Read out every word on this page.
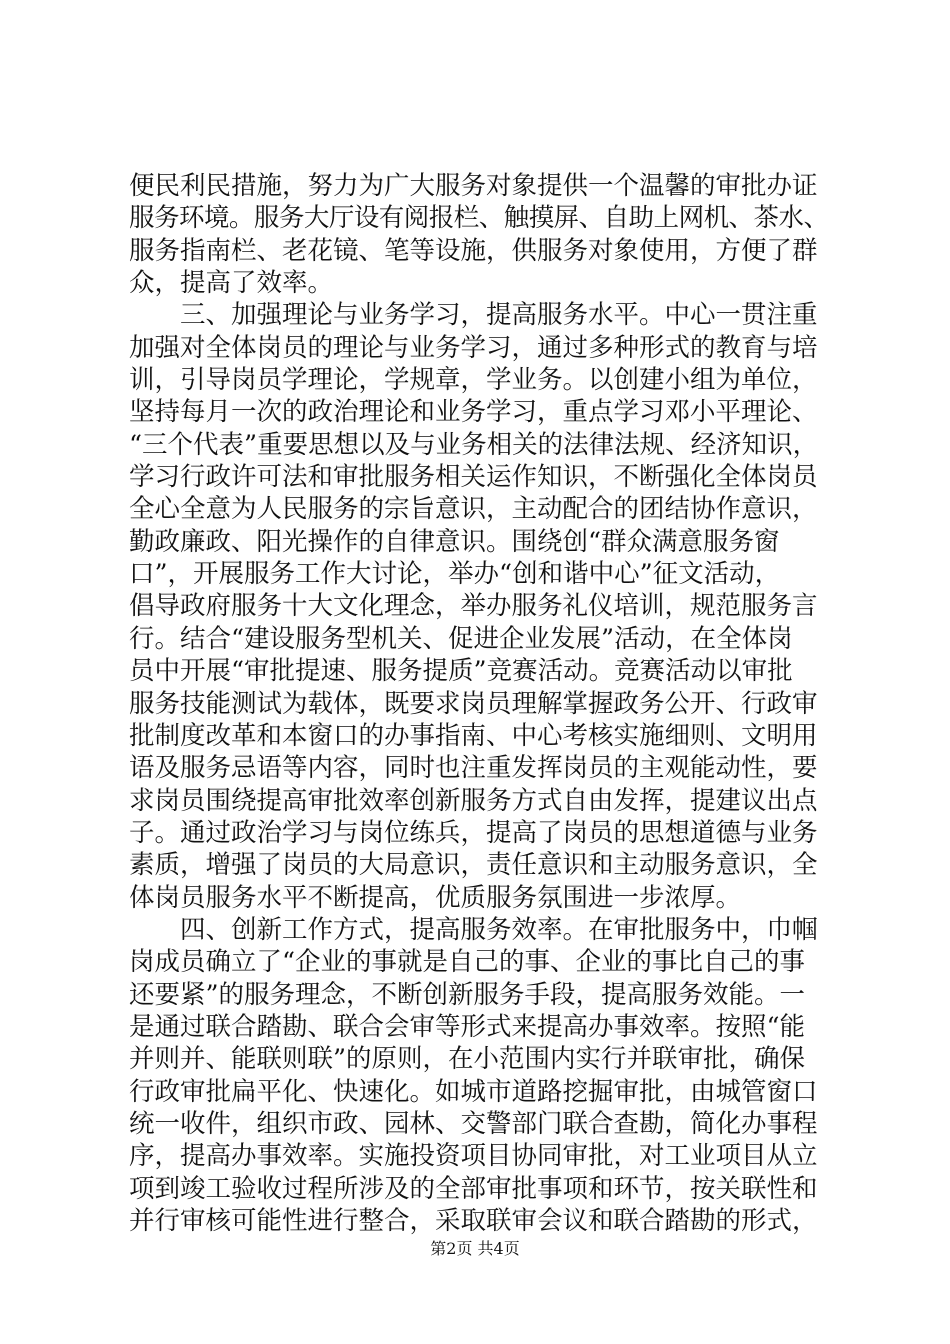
便民利民措施，努力为广大服务对象提供一个温馨的审批办证
服务环境。服务大厅设有阅报栏、触摸屏、自助上网机、茶水、
服务指南栏、老花镜、笔等设施，供服务对象使用，方便了群
众，提高了效率。
　　三、加强理论与业务学习，提高服务水平。中心一贯注重
加强对全体岗员的理论与业务学习，通过多种形式的教育与培
训，引导岗员学理论，学规章，学业务。以创建小组为单位，
坚持每月一次的政治理论和业务学习，重点学习邓小平理论、
“三个代表”重要思想以及与业务相关的法律法规、经济知识，
学习行政许可法和审批服务相关运作知识，不断强化全体岗员
全心全意为人民服务的宗旨意识，主动配合的团结协作意识，
勤政廉政、阳光操作的自律意识。围绕创“群众满意服务窗
口”，开展服务工作大讨论，举办“创和谐中心”征文活动，
倡导政府服务十大文化理念，举办服务礼仪培训，规范服务言
行。结合“建设服务型机关、促进企业发展”活动，在全体岗
员中开展“审批提速、服务提质”竞赛活动。竞赛活动以审批
服务技能测试为载体，既要求岗员理解掌握政务公开、行政审
批制度改革和本窗口的办事指南、中心考核实施细则、文明用
语及服务忌语等内容，同时也注重发挥岗员的主观能动性，要
求岗员围绕提高审批效率创新服务方式自由发挥，提建议出点
子。通过政治学习与岗位练兵，提高了岗员的思想道德与业务
素质，增强了岗员的大局意识，责任意识和主动服务意识，全
体岗员服务水平不断提高，优质服务氛围进一步浓厚。
　　四、创新工作方式，提高服务效率。在审批服务中，巾帼
岗成员确立了“企业的事就是自己的事、企业的事比自己的事
还要紧”的服务理念，不断创新服务手段，提高服务效能。一
是通过联合踏勘、联合会审等形式来提高办事效率。按照“能
并则并、能联则联”的原则，在小范围内实行并联审批，确保
行政审批扁平化、快速化。如城市道路挖掘审批，由城管窗口
统一收件，组织市政、园林、交警部门联合查勘，简化办事程
序，提高办事效率。实施投资项目协同审批，对工业项目从立
项到竣工验收过程所涉及的全部审批事项和环节，按关联性和
并行审核可能性进行整合，采取联审会议和联合踏勘的形式，
第2页 共4页
